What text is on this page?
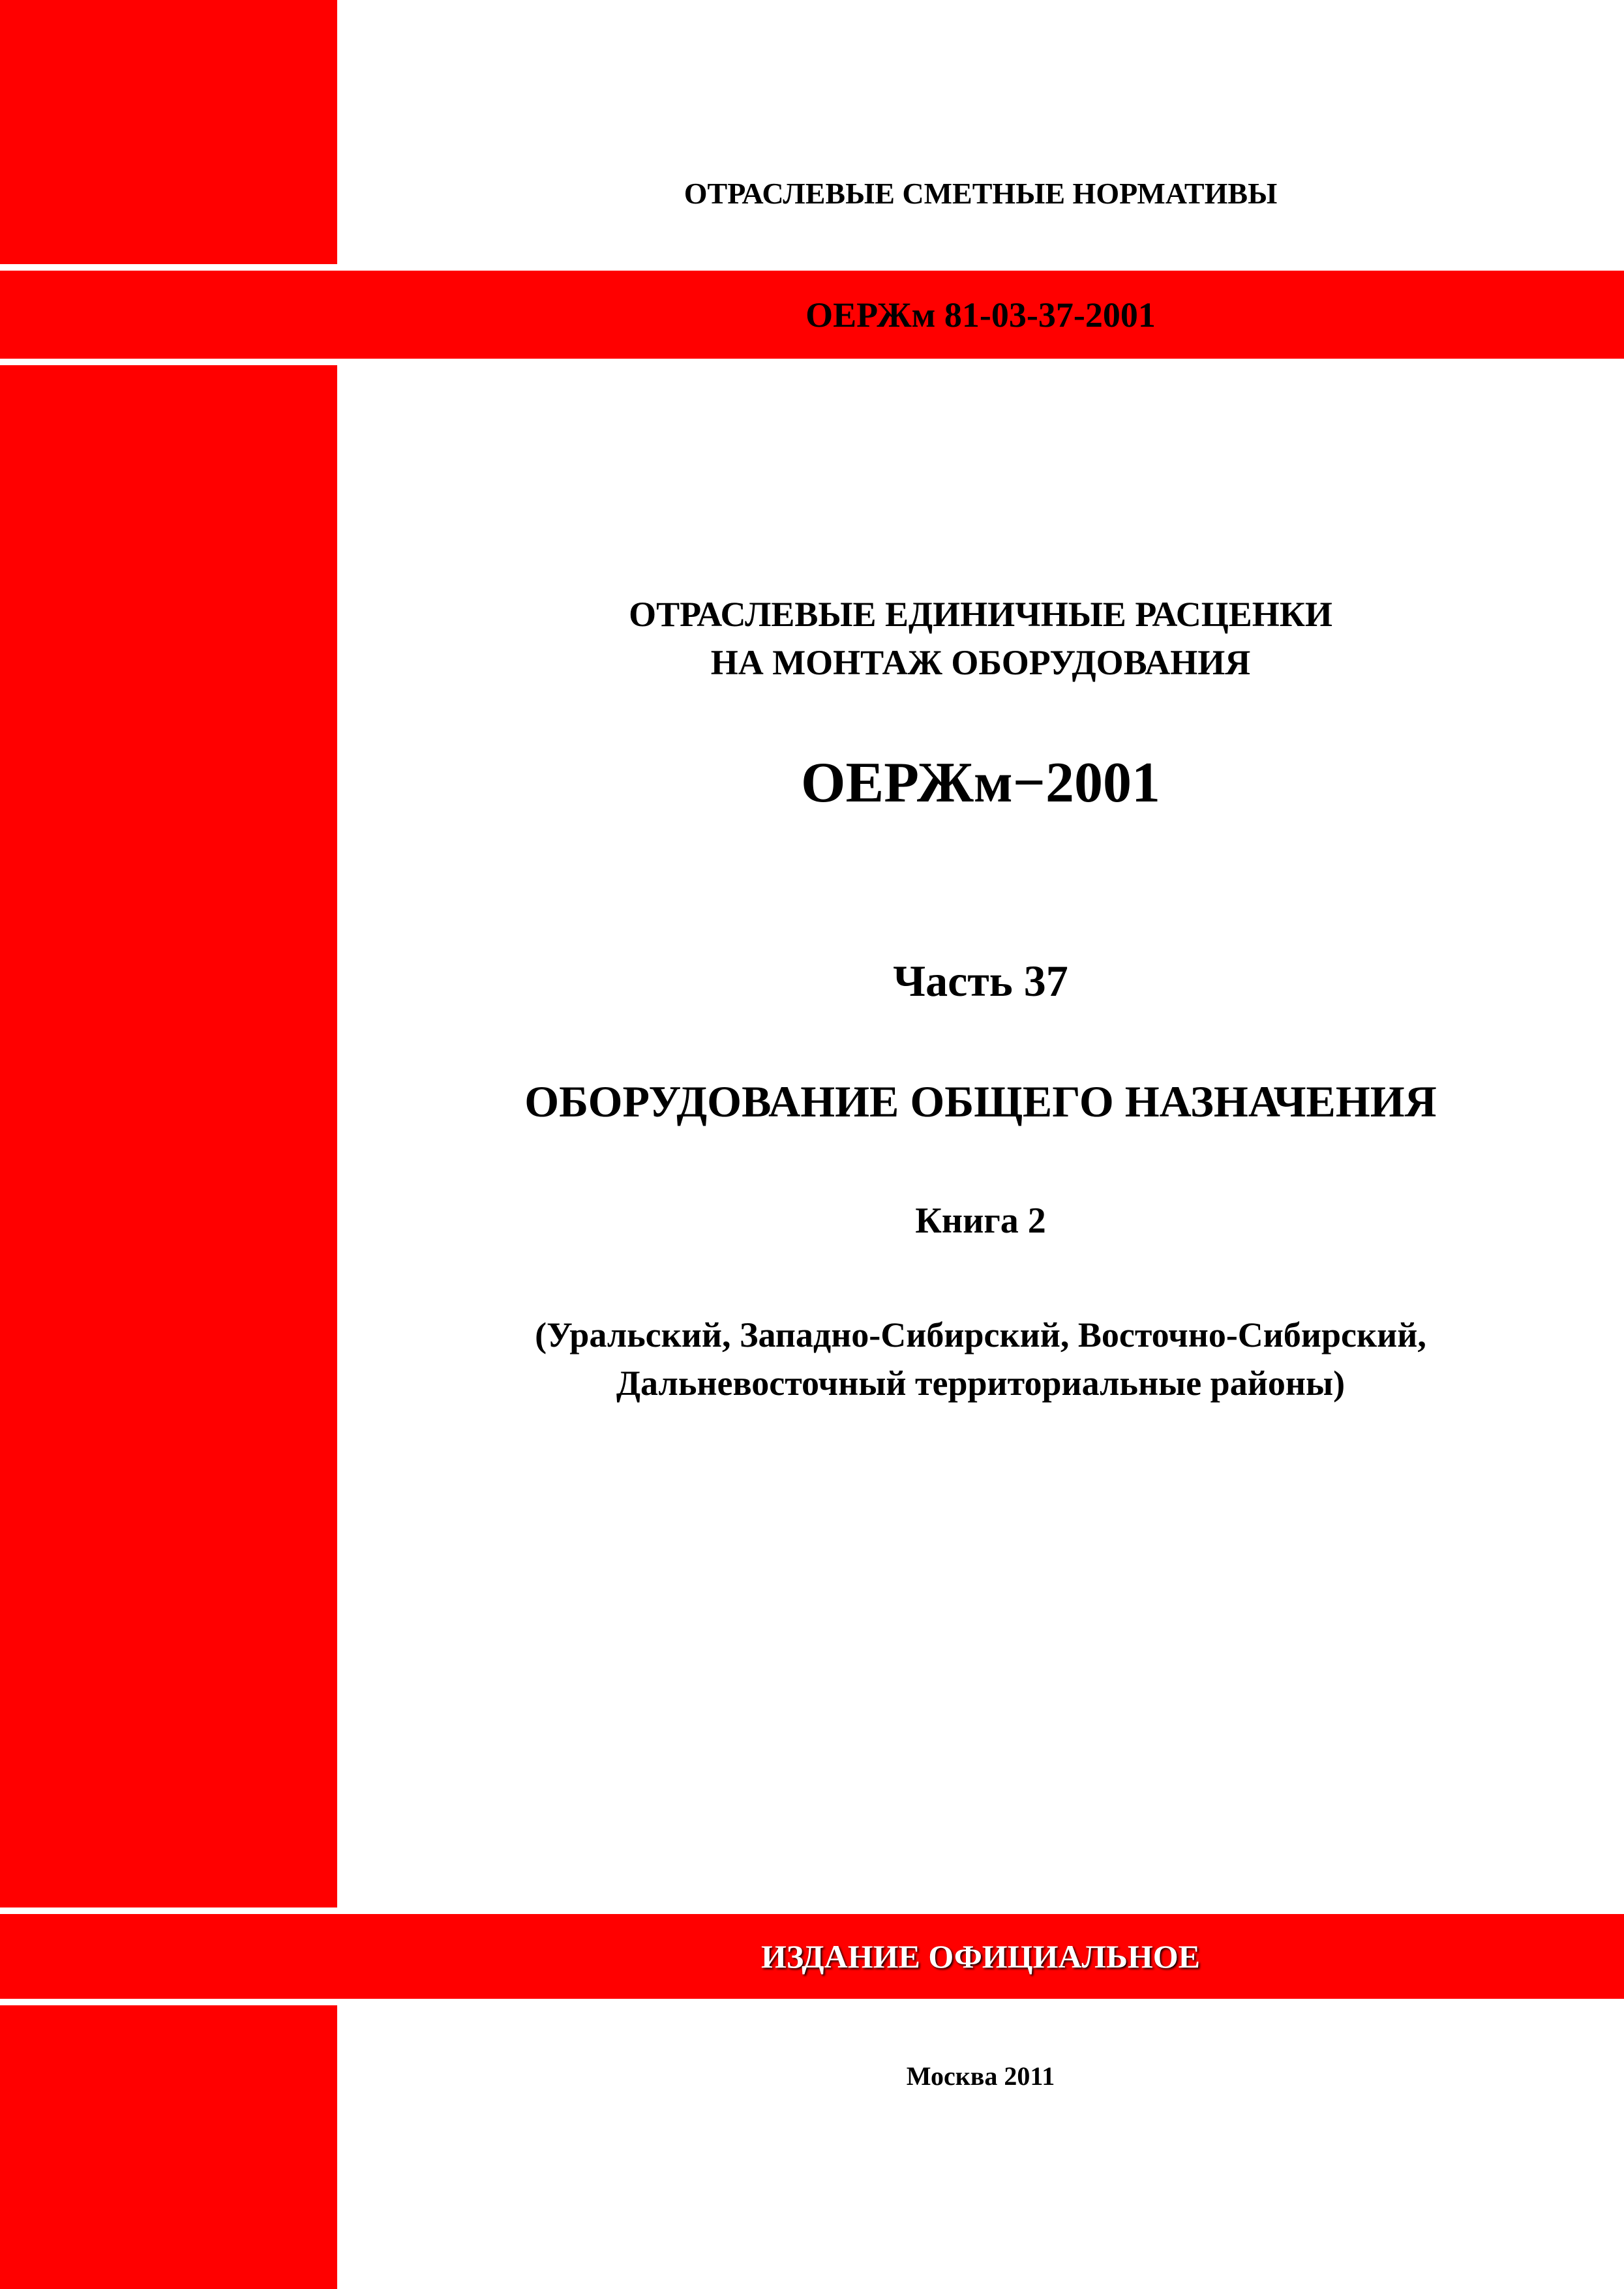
ОТРАСЛЕВЫЕ СМЕТНЫЕ НОРМАТИВЫ
ОЕРЖм 81-03-37-2001
ОТРАСЛЕВЫЕ ЕДИНИЧНЫЕ РАСЦЕНКИ
НА МОНТАЖ ОБОРУДОВАНИЯ
ОЕРЖм−2001
Часть 37
ОБОРУДОВАНИЕ ОБЩЕГО НАЗНАЧЕНИЯ
Книга 2
(Уральский, Западно-Сибирский, Восточно-Сибирский,
Дальневосточный территориальные районы)
ИЗДАНИЕ ОФИЦИАЛЬНОЕ
Москва 2011
